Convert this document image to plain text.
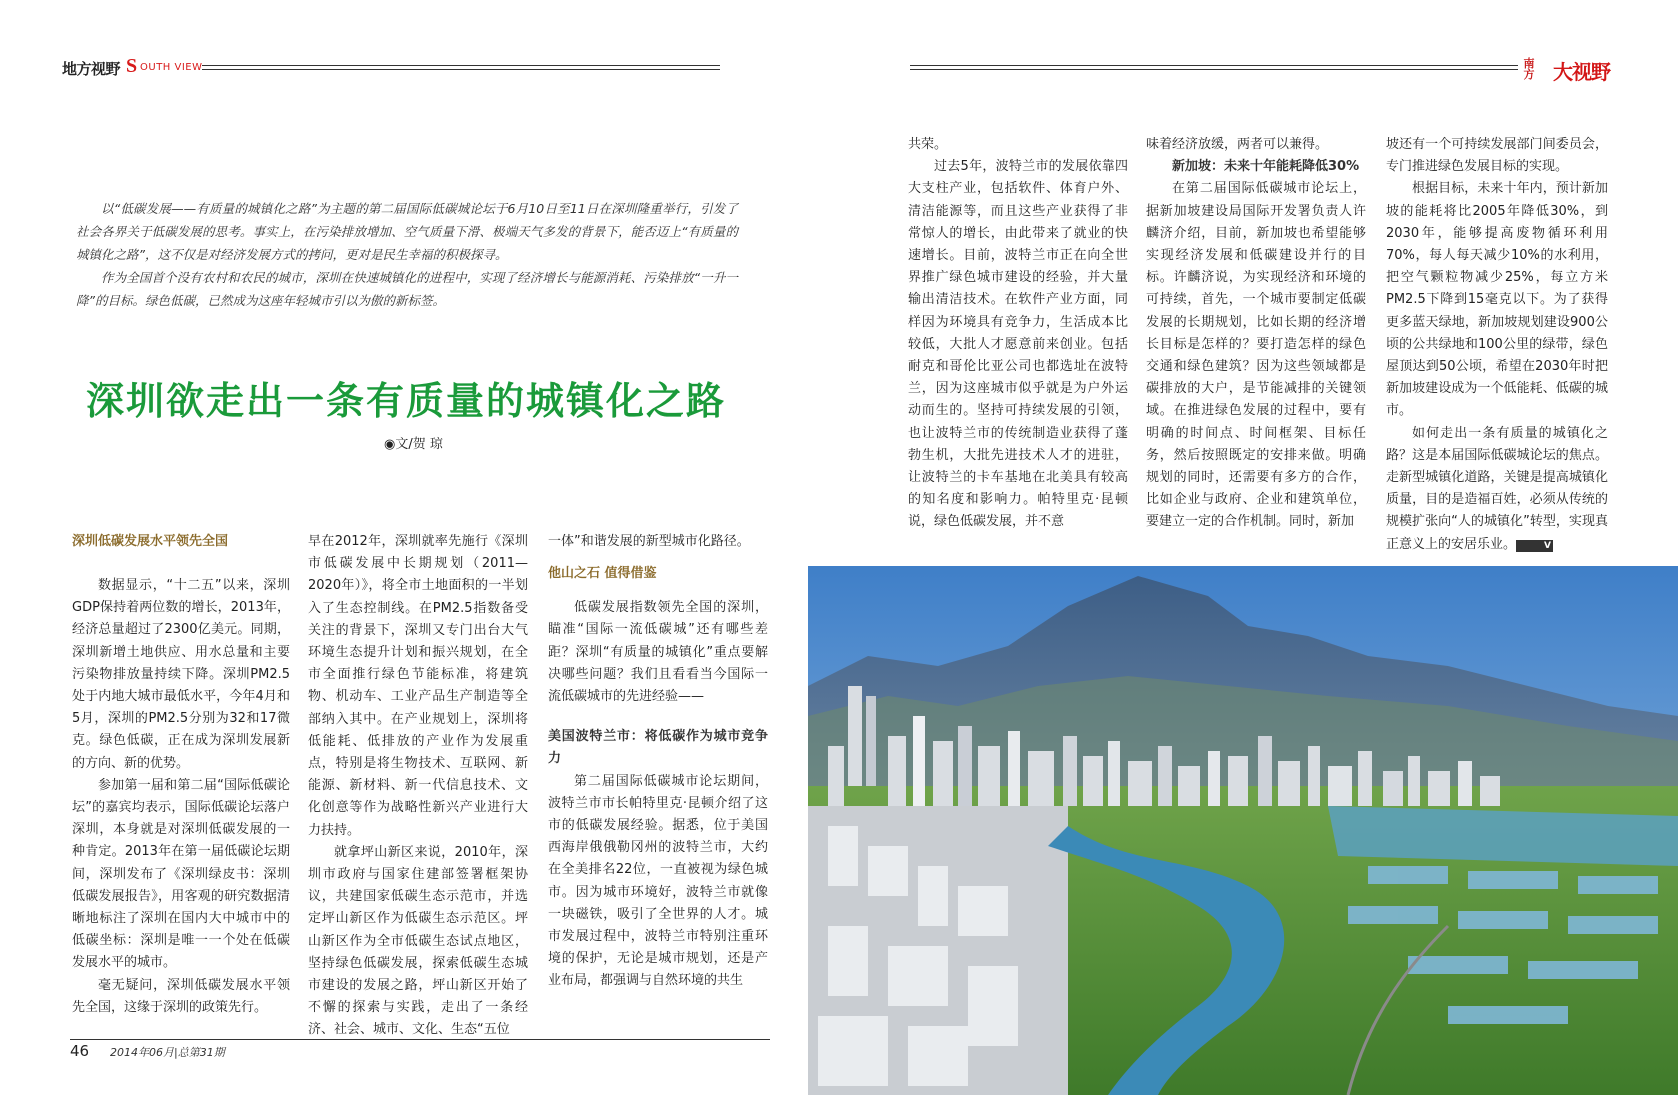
地方视野 S OUTH VIEW	南方 大视野

以“低碳发展——有质量的城镇化之路”为主题的第二届国际低碳城论坛于6月10日至11日在深圳隆重举行，引发了社会各界关于低碳发展的思考。事实上，在污染排放增加、空气质量下滑、极端天气多发的背景下，能否迈上“有质量的城镇化之路”，这不仅是对经济发展方式的拷问，更对是民生幸福的积极探寻。

作为全国首个没有农村和农民的城市，深圳在快速城镇化的进程中，实现了经济增长与能源消耗、污染排放“一升一降”的目标。绿色低碳，已然成为这座年轻城市引以为傲的新标签。

深圳欲走出一条有质量的城镇化之路
◉文/贺 琼
深圳低碳发展水平领先全国

数据显示，“十二五”以来，深圳GDP保持着两位数的增长，2013年，经济总量超过了2300亿美元。同期，深圳新增土地供应、用水总量和主要污染物排放量持续下降。深圳PM2.5处于内地大城市最低水平，今年4月和5月，深圳的PM2.5分别为32和17微克。绿色低碳，正在成为深圳发展新的方向、新的优势。

参加第一届和第二届“国际低碳论坛”的嘉宾均表示，国际低碳论坛落户深圳，本身就是对深圳低碳发展的一种肯定。2013年在第一届低碳论坛期间，深圳发布了《深圳绿皮书：深圳低碳发展报告》，用客观的研究数据清晰地标注了深圳在国内大中城市中的低碳坐标：深圳是唯一一个处在低碳发展水平的城市。

毫无疑问，深圳低碳发展水平领先全国，这缘于深圳的政策先行。

早在2012年，深圳就率先施行《深圳市低碳发展中长期规划（2011—2020年）》，将全市土地面积的一半划入了生态控制线。在PM2.5指数备受关注的背景下，深圳又专门出台大气环境生态提升计划和振兴规划，在全市全面推行绿色节能标准，将建筑物、机动车、工业产品生产制造等全部纳入其中。在产业规划上，深圳将低能耗、低排放的产业作为发展重点，特别是将生物技术、互联网、新能源、新材料、新一代信息技术、文化创意等作为战略性新兴产业进行大力扶持。

就拿坪山新区来说，2010年，深圳市政府与国家住建部签署框架协议，共建国家低碳生态示范市，并选定坪山新区作为低碳生态示范区。坪山新区作为全市低碳生态试点地区，坚持绿色低碳发展，探索低碳生态城市建设的发展之路，坪山新区开始了不懈的探索与实践，走出了一条经济、社会、城市、文化、生态“五位

一体”和谐发展的新型城市化路径。

他山之石 值得借鉴

低碳发展指数领先全国的深圳，瞄准“国际一流低碳城”还有哪些差距？深圳“有质量的城镇化”重点要解决哪些问题？我们且看看当今国际一流低碳城市的先进经验——

美国波特兰市：将低碳作为城市竞争力

第二届国际低碳城市论坛期间，波特兰市市长帕特里克·昆顿介绍了这市的低碳发展经验。据悉，位于美国西海岸俄俄勒冈州的波特兰市，大约在全美排名22位，一直被视为绿色城市。因为城市环境好，波特兰市就像一块磁铁，吸引了全世界的人才。城市发展过程中，波特兰市特别注重环境的保护，无论是城市规划，还是产业布局，都强调与自然环境的共生

共荣。

过去5年，波特兰市的发展依靠四大支柱产业，包括软件、体育户外、清洁能源等，而且这些产业获得了非常惊人的增长，由此带来了就业的快速增长。目前，波特兰市正在向全世界推广绿色城市建设的经验，并大量输出清洁技术。在软件产业方面，同样因为环境具有竞争力，生活成本比较低，大批人才愿意前来创业。包括耐克和哥伦比亚公司也都选址在波特兰，因为这座城市似乎就是为户外运动而生的。坚持可持续发展的引领，也让波特兰市的传统制造业获得了蓬勃生机，大批先进技术人才的进驻，让波特兰的卡车基地在北美具有较高的知名度和影响力。帕特里克·昆顿说，绿色低碳发展，并不意

味着经济放缓，两者可以兼得。

新加坡：未来十年能耗降低30%

在第二届国际低碳城市论坛上，据新加坡建设局国际开发署负责人许麟济介绍，目前，新加坡也希望能够实现经济发展和低碳建设并行的目标。许麟济说，为实现经济和环境的可持续，首先，一个城市要制定低碳发展的长期规划，比如长期的经济增长目标是怎样的？要打造怎样的绿色交通和绿色建筑？因为这些领域都是碳排放的大户，是节能减排的关键领域。在推进绿色发展的过程中，要有明确的时间点、时间框架、目标任务，然后按照既定的安排来做。明确规划的同时，还需要有多方的合作，比如企业与政府、企业和建筑单位，要建立一定的合作机制。同时，新加

坡还有一个可持续发展部门间委员会，专门推进绿色发展目标的实现。

根据目标，未来十年内，预计新加坡的能耗将比2005年降低30%，到2030年，能够提高废物循环利用70%，每人每天减少10%的水利用，把空气颗粒物减少25%，每立方米PM2.5下降到15毫克以下。为了获得更多蓝天绿地，新加坡规划建设900公顷的公共绿地和100公里的绿带，绿色屋顶达到50公顷，希望在2030年时把新加坡建设成为一个低能耗、低碳的城市。

如何走出一条有质量的城镇化之路？这是本届国际低碳城论坛的焦点。走新型城镇化道路，关键是提高城镇化质量，目的是造福百姓，必须从传统的规模扩张向“人的城镇化”转型，实现真正意义上的安居乐业。	V

46 2014年06月|总第31期
